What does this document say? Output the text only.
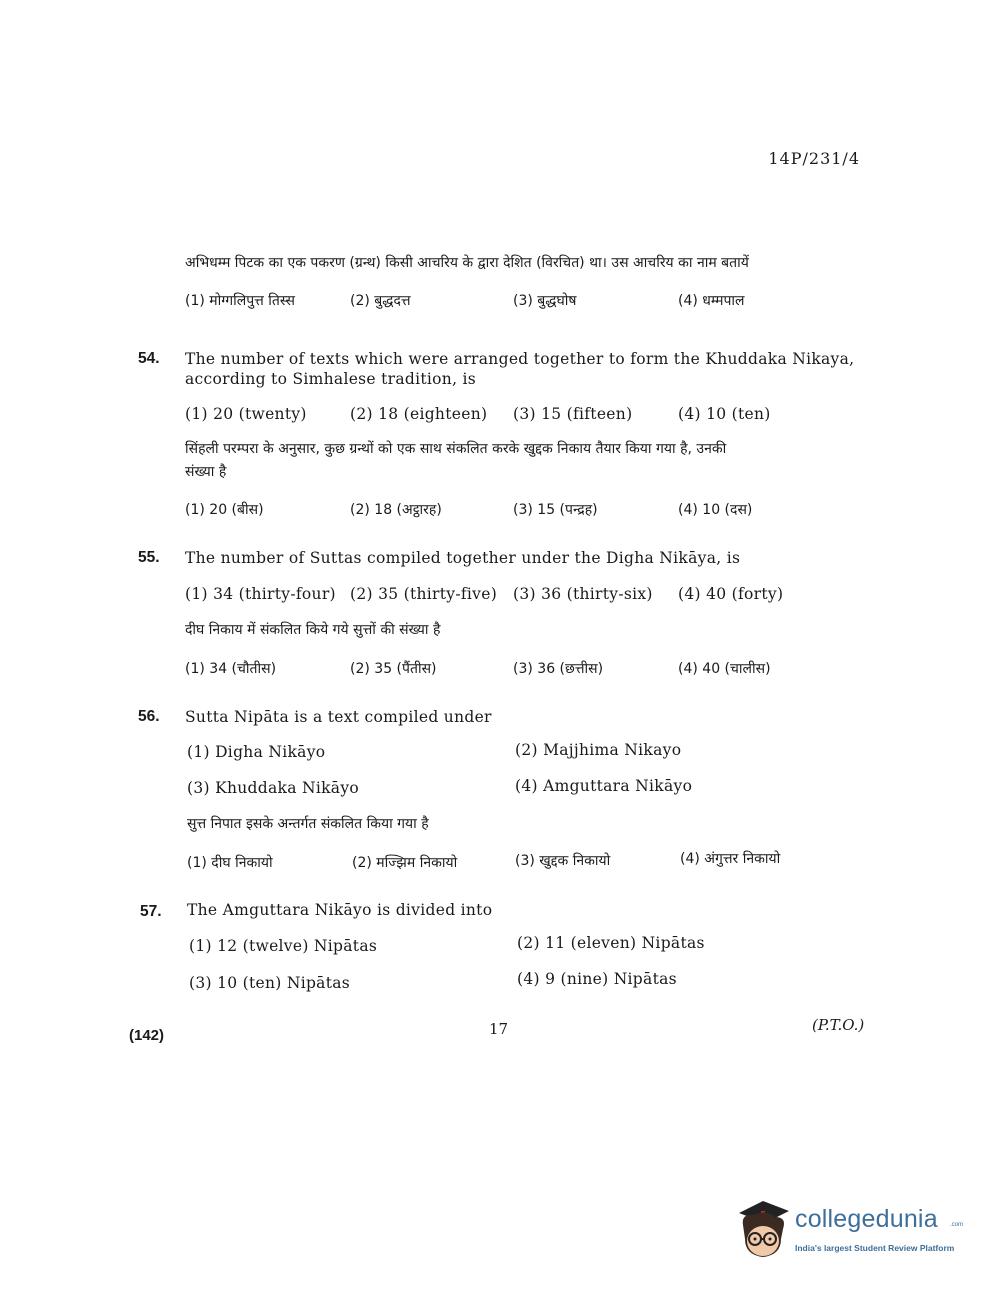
14P/231/4
अभिधम्म पिटक का एक पकरण (ग्रन्थ) किसी आचरिय के द्वारा देशित (विरचित) था। उस आचरिय का नाम बतायें
(1) मोग्गलिपुत्त तिस्स	(2) बुद्धदत्त	(3) बुद्धघोष	(4) धम्मपाल
54. The number of texts which were arranged together to form the Khuddaka Nikaya,
according to Simhalese tradition, is
(1) 20 (twenty)	(2) 18 (eighteen) (3) 15 (fifteen)	(4) 10 (ten)
सिंहली परम्परा के अनुसार, कुछ ग्रन्थों को एक साथ संकलित करके खुद्दक निकाय तैयार किया गया है, उनकी
संख्या है
(1) 20 (बीस)	(2) 18 (अट्ठारह)	(3) 15 (पन्द्रह)	(4) 10 (दस)
55. The number of Suttas compiled together under the Digha Nikāya, is
(1) 34 (thirty-four) (2) 35 (thirty-five) (3) 36 (thirty-six) (4) 40 (forty)
दीघ निकाय में संकलित किये गये सुत्तों की संख्या है
(1) 34 (चौतीस)	(2) 35 (पैंतीस)	(3) 36 (छत्तीस)	(4) 40 (चालीस)
56. Sutta Nipāta is a text compiled under
(1) Digha Nikāyo	(2) Majjhima Nikayo
(3) Khuddaka Nikāyo	(4) Amguttara Nikāyo
सुत्त निपात इसके अन्तर्गत संकलित किया गया है
(1) दीघ निकायो	(2) मज्झिम निकायो	(3) खुद्दक निकायो	(4) अंगुत्तर निकायो
57. The Amguttara Nikāyo is divided into
(1) 12 (twelve) Nipātas	(2) 11 (eleven) Nipātas
(3) 10 (ten) Nipātas	(4) 9 (nine) Nipātas
(142)	17	(P.T.O.)
collegedunia .com
India's largest Student Review Platform
